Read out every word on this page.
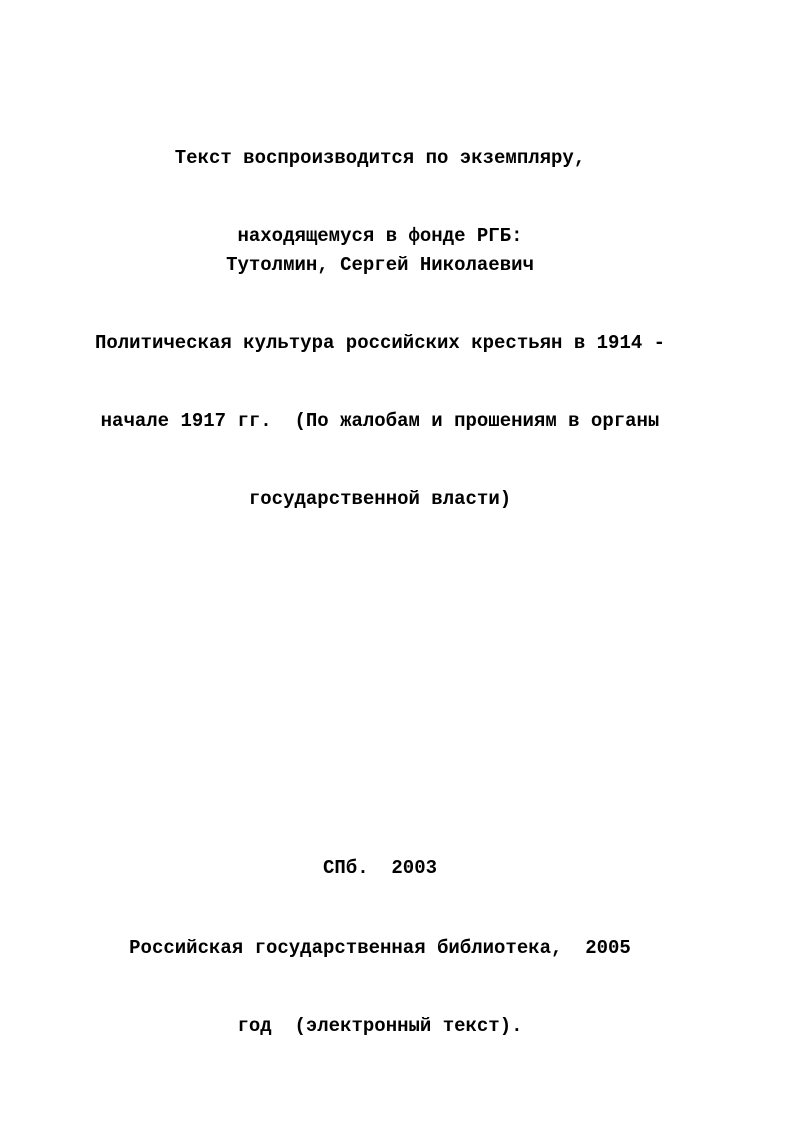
Текст воспроизводится по экземпляру,

находящемуся в фонде РГБ:

Тутолмин, Сергей Николаевич

Политическая культура российских крестьян в 1914 -

начале 1917 гг.  (По жалобам и прошениям в органы

государственной власти)

СПб.  2003

Российская государственная библиотека,  2005

год  (электронный текст).
